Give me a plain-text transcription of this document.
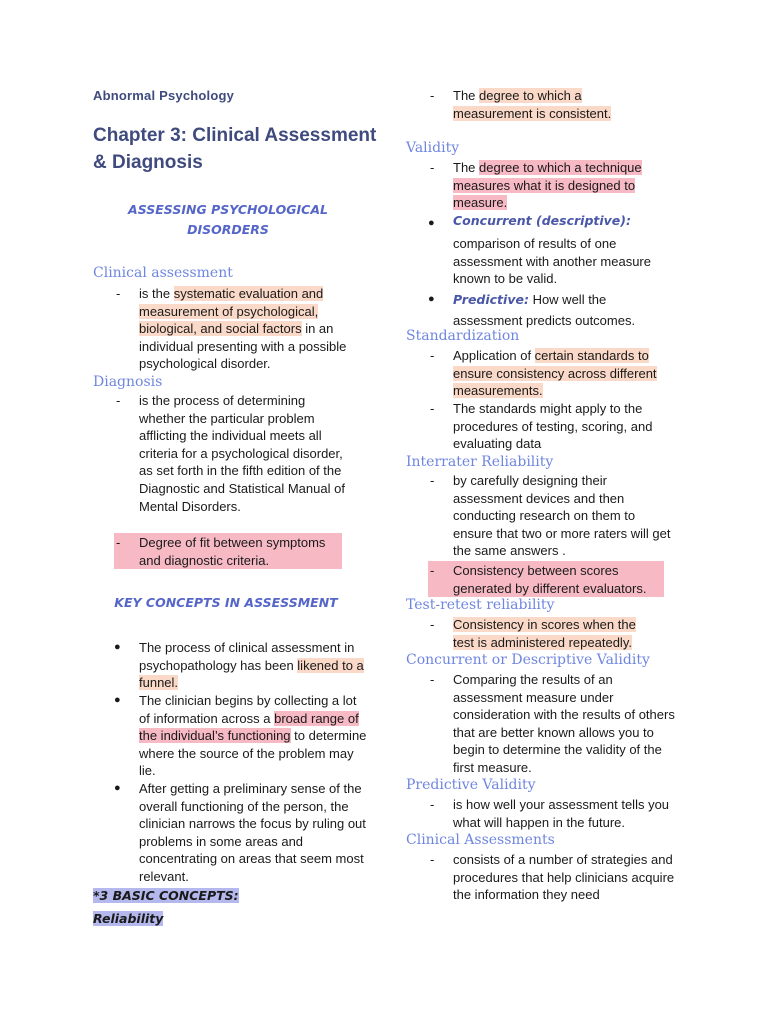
Abnormal Psychology
Chapter 3: Clinical Assessment & Diagnosis
ASSESSING PSYCHOLOGICAL DISORDERS
Clinical assessment
- is the systematic evaluation and measurement of psychological, biological, and social factors in an individual presenting with a possible psychological disorder.
Diagnosis
- is the process of determining whether the particular problem afflicting the individual meets all criteria for a psychological disorder, as set forth in the fifth edition of the Diagnostic and Statistical Manual of Mental Disorders.
- Degree of fit between symptoms and diagnostic criteria.
KEY CONCEPTS IN ASSESSMENT
● The process of clinical assessment in psychopathology has been likened to a funnel.
● The clinician begins by collecting a lot of information across a broad range of the individual’s functioning to determine where the source of the problem may lie.
● After getting a preliminary sense of the overall functioning of the person, the clinician narrows the focus by ruling out problems in some areas and concentrating on areas that seem most relevant.
*3 BASIC CONCEPTS:
Reliability
- The degree to which a measurement is consistent.
Validity
- The degree to which a technique measures what it is designed to measure.
● Concurrent (descriptive):
comparison of results of one assessment with another measure known to be valid.
● Predictive: How well the assessment predicts outcomes.
Standardization
- Application of certain standards to ensure consistency across different measurements.
- The standards might apply to the procedures of testing, scoring, and evaluating data
Interrater Reliability
- by carefully designing their assessment devices and then conducting research on them to ensure that two or more raters will get the same answers .
- Consistency between scores generated by different evaluators.
Test-retest reliability
- Consistency in scores when the test is administered repeatedly.
Concurrent or Descriptive Validity
- Comparing the results of an assessment measure under consideration with the results of others that are better known allows you to begin to determine the validity of the first measure.
Predictive Validity
- is how well your assessment tells you what will happen in the future.
Clinical Assessments
- consists of a number of strategies and procedures that help clinicians acquire the information they need
